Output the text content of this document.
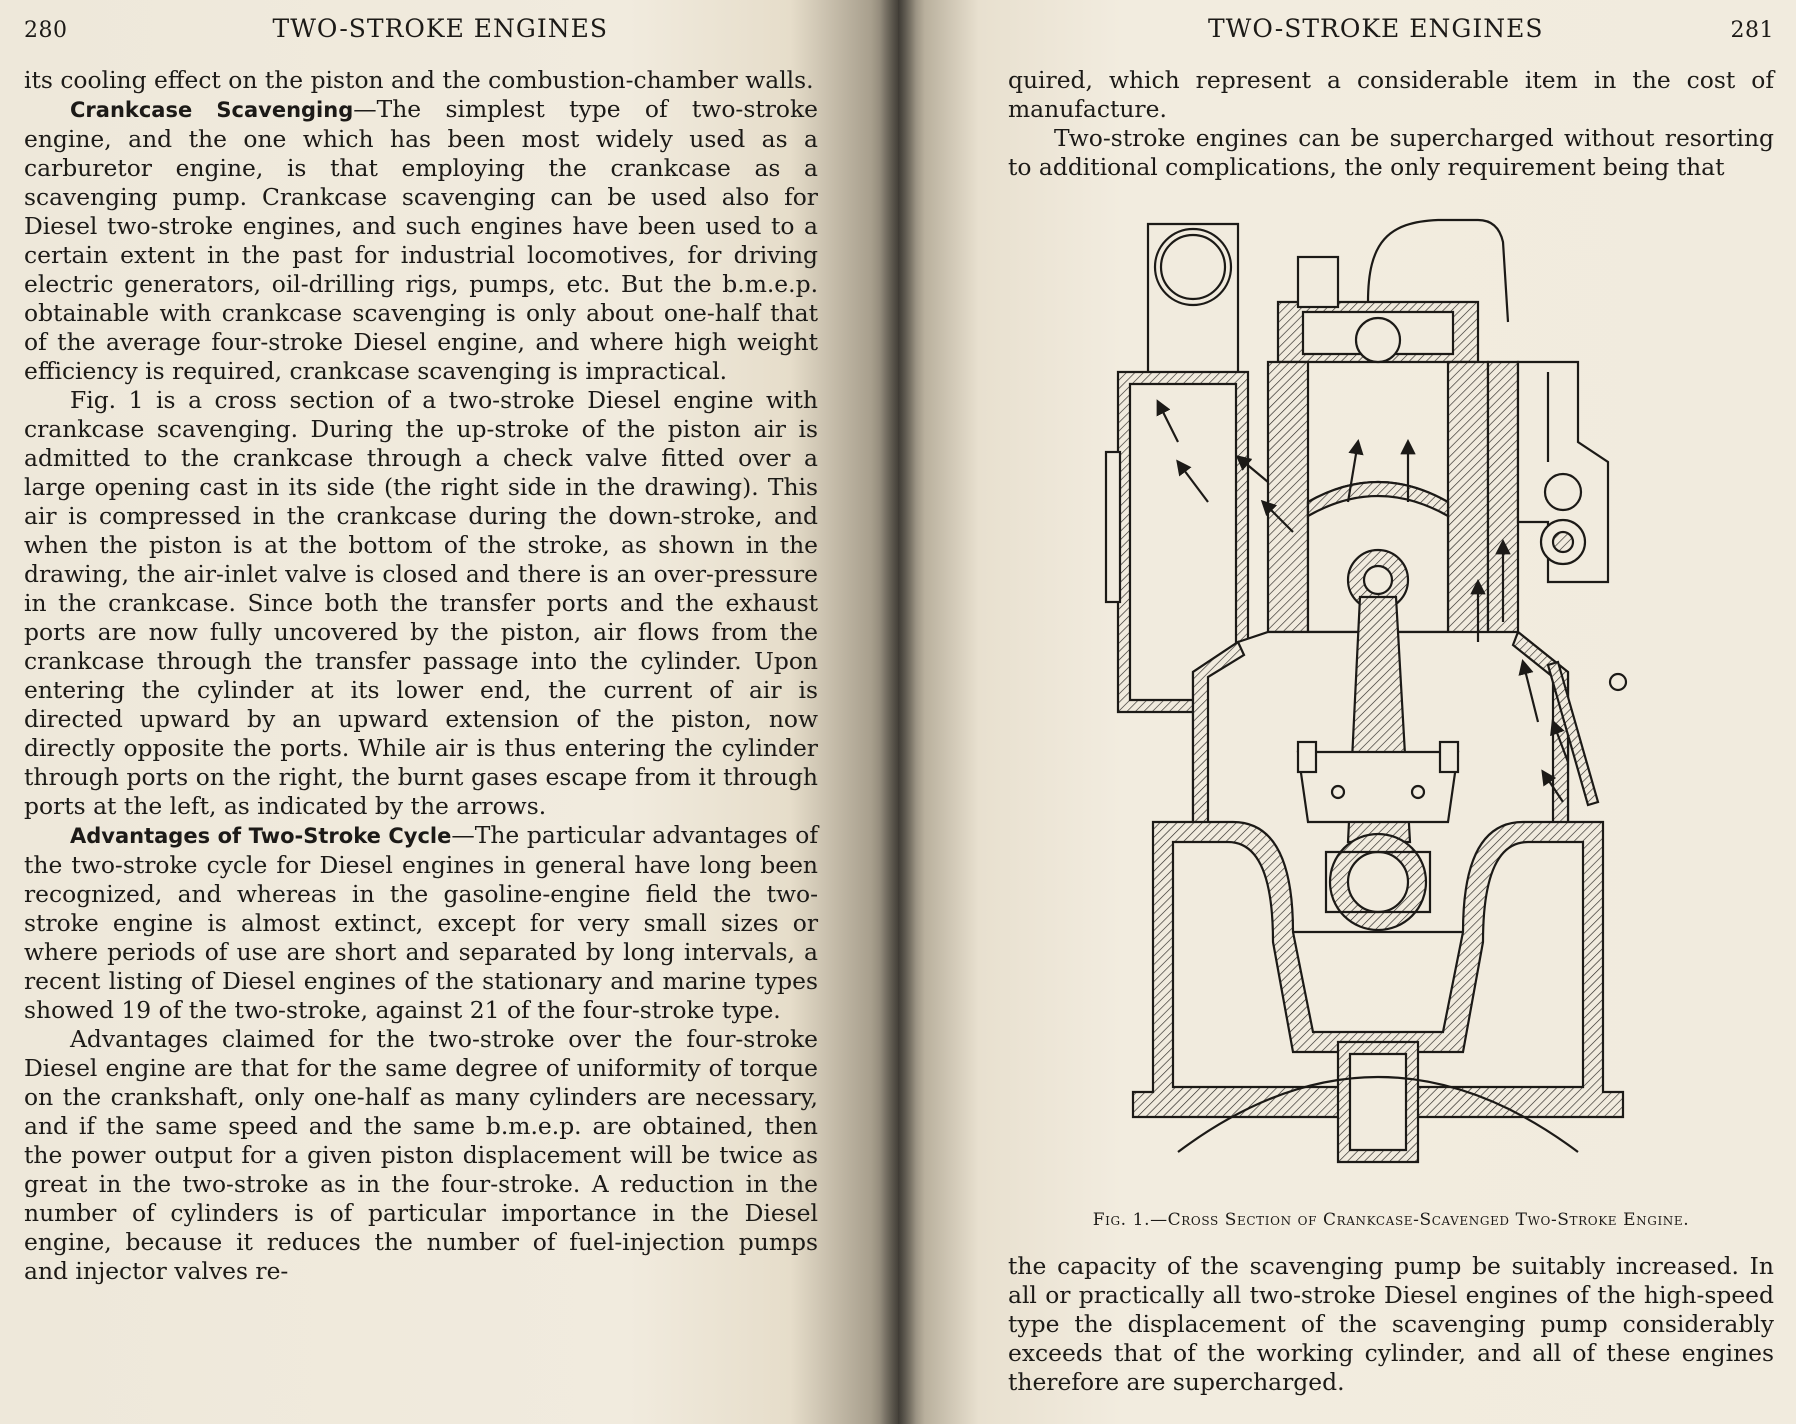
280	TWO-STROKE ENGINES

its cooling effect on the piston and the combustion-chamber walls.

Crankcase Scavenging—The simplest type of two-stroke engine, and the one which has been most widely used as a carburetor engine, is that employing the crankcase as a scavenging pump. Crankcase scavenging can be used also for Diesel two-stroke engines, and such engines have been used to a certain extent in the past for industrial locomotives, for driving electric generators, oil-drilling rigs, pumps, etc. But the b.m.e.p. obtainable with crankcase scavenging is only about one-half that of the average four-stroke Diesel engine, and where high weight efficiency is required, crankcase scavenging is impractical.

Fig. 1 is a cross section of a two-stroke Diesel engine with crankcase scavenging. During the up-stroke of the piston air is admitted to the crankcase through a check valve fitted over a large opening cast in its side (the right side in the drawing). This air is compressed in the crankcase during the down-stroke, and when the piston is at the bottom of the stroke, as shown in the drawing, the air-inlet valve is closed and there is an over-pressure in the crankcase. Since both the transfer ports and the exhaust ports are now fully uncovered by the piston, air flows from the crankcase through the transfer passage into the cylinder. Upon entering the cylinder at its lower end, the current of air is directed upward by an upward extension of the piston, now directly opposite the ports. While air is thus entering the cylinder through ports on the right, the burnt gases escape from it through ports at the left, as indicated by the arrows.

Advantages of Two-Stroke Cycle—The particular advantages of the two-stroke cycle for Diesel engines in general have long been recognized, and whereas in the gasoline-engine field the two-stroke engine is almost extinct, except for very small sizes or where periods of use are short and separated by long intervals, a recent listing of Diesel engines of the stationary and marine types showed 19 of the two-stroke, against 21 of the four-stroke type.

Advantages claimed for the two-stroke over the four-stroke Diesel engine are that for the same degree of uniformity of torque on the crankshaft, only one-half as many cylinders are necessary, and if the same speed and the same b.m.e.p. are obtained, then the power output for a given piston displacement will be twice as great in the two-stroke as in the four-stroke. A reduction in the number of cylinders is of particular importance in the Diesel engine, because it reduces the number of fuel-injection pumps and injector valves re-

TWO-STROKE ENGINES	281

quired, which represent a considerable item in the cost of manufacture.

Two-stroke engines can be supercharged without resorting to additional complications, the only requirement being that

Fig. 1.—Cross Section of Crankcase-Scavenged Two-Stroke Engine.

the capacity of the scavenging pump be suitably increased. In all or practically all two-stroke Diesel engines of the high-speed type the displacement of the scavenging pump considerably exceeds that of the working cylinder, and all of these engines therefore are supercharged.
